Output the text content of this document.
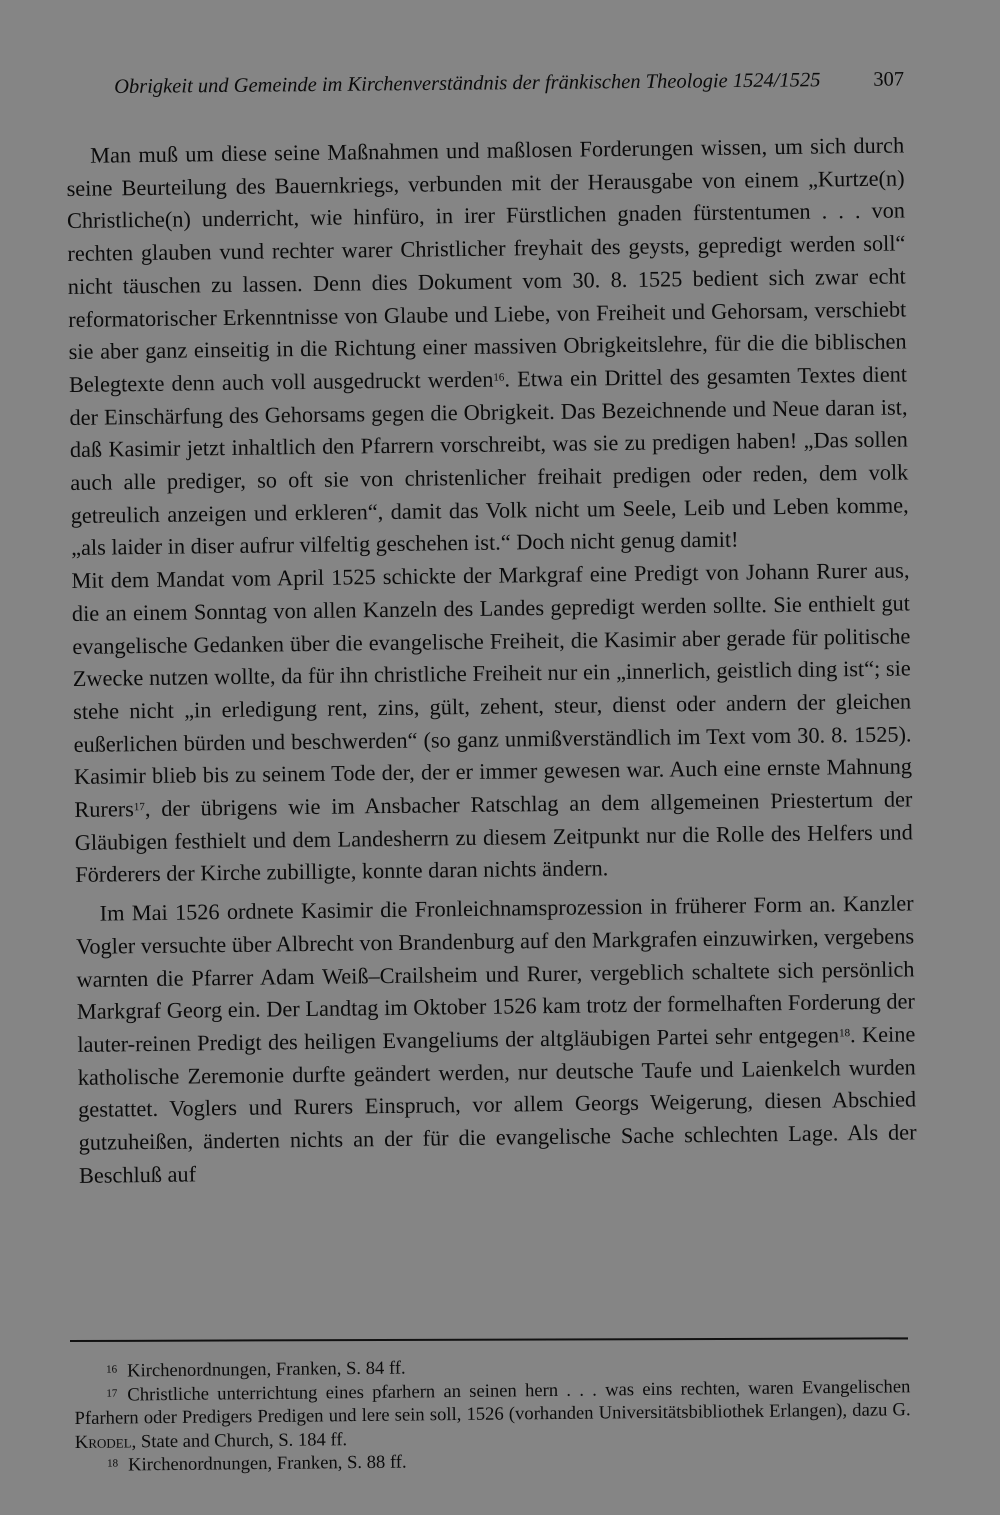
Obrigkeit und Gemeinde im Kirchenverständnis der fränkischen Theologie 1524/1525	307

Man muß um diese seine Maßnahmen und maßlosen Forderungen wissen, um sich durch seine Beurteilung des Bauernkriegs, verbunden mit der Herausgabe von einem „Kurtze(n) Christliche(n) underricht, wie hinfüro, in irer Fürstlichen gnaden fürstentumen . . . von rechten glauben vund rechter warer Christlicher freyhait des geysts, gepredigt werden soll“ nicht täuschen zu lassen. Denn dies Dokument vom 30. 8. 1525 bedient sich zwar echt reformatorischer Erkenntnisse von Glaube und Liebe, von Freiheit und Gehorsam, verschiebt sie aber ganz einseitig in die Richtung einer massiven Obrigkeitslehre, für die die biblischen Belegtexte denn auch voll ausgedruckt werden$^{16}$. Etwa ein Drittel des gesamten Textes dient der Einschärfung des Gehorsams gegen die Obrigkeit. Das Bezeichnende und Neue daran ist, daß Kasimir jetzt inhaltlich den Pfarrern vorschreibt, was sie zu predigen haben! „Das sollen auch alle prediger, so oft sie von christenlicher freihait predigen oder reden, dem volk getreulich anzeigen und erkleren“, damit das Volk nicht um Seele, Leib und Leben komme, „als laider in diser aufrur vilfeltig geschehen ist.“ Doch nicht genug damit!

Mit dem Mandat vom April 1525 schickte der Markgraf eine Predigt von Johann Rurer aus, die an einem Sonntag von allen Kanzeln des Landes gepredigt werden sollte. Sie enthielt gut evangelische Gedanken über die evangelische Freiheit, die Kasimir aber gerade für politische Zwecke nutzen wollte, da für ihn christliche Freiheit nur ein „innerlich, geistlich ding ist“; sie stehe nicht „in erledigung rent, zins, gült, zehent, steur, dienst oder andern der gleichen eußerlichen bürden und beschwerden“ (so ganz unmißverständlich im Text vom 30. 8. 1525). Kasimir blieb bis zu seinem Tode der, der er immer gewesen war. Auch eine ernste Mahnung Rurers$^{17}$, der übrigens wie im Ansbacher Ratschlag an dem allgemeinen Priestertum der Gläubigen festhielt und dem Landesherrn zu diesem Zeitpunkt nur die Rolle des Helfers und Förderers der Kirche zubilligte, konnte daran nichts ändern.

Im Mai 1526 ordnete Kasimir die Fronleichnamsprozession in früherer Form an. Kanzler Vogler versuchte über Albrecht von Brandenburg auf den Markgrafen einzuwirken, vergebens warnten die Pfarrer Adam Weiß–Crailsheim und Rurer, vergeblich schaltete sich persönlich Markgraf Georg ein. Der Landtag im Oktober 1526 kam trotz der formelhaften Forderung der lauter-reinen Predigt des heiligen Evangeliums der altgläubigen Partei sehr entgegen$^{18}$. Keine katholische Zeremonie durfte geändert werden, nur deutsche Taufe und Laienkelch wurden gestattet. Voglers und Rurers Einspruch, vor allem Georgs Weigerung, diesen Abschied gutzuheißen, änderten nichts an der für die evangelische Sache schlechten Lage. Als der Beschluß auf

$^{16}$ Kirchenordnungen, Franken, S. 84 ff.

$^{17}$ Christliche unterrichtung eines pfarhern an seinen hern . . . was eins rechten, waren Evangelischen Pfarhern oder Predigers Predigen und lere sein soll, 1526 (vorhanden Universitätsbibliothek Erlangen), dazu G. Krodel, State and Church, S. 184 ff.

$^{18}$ Kirchenordnungen, Franken, S. 88 ff.
